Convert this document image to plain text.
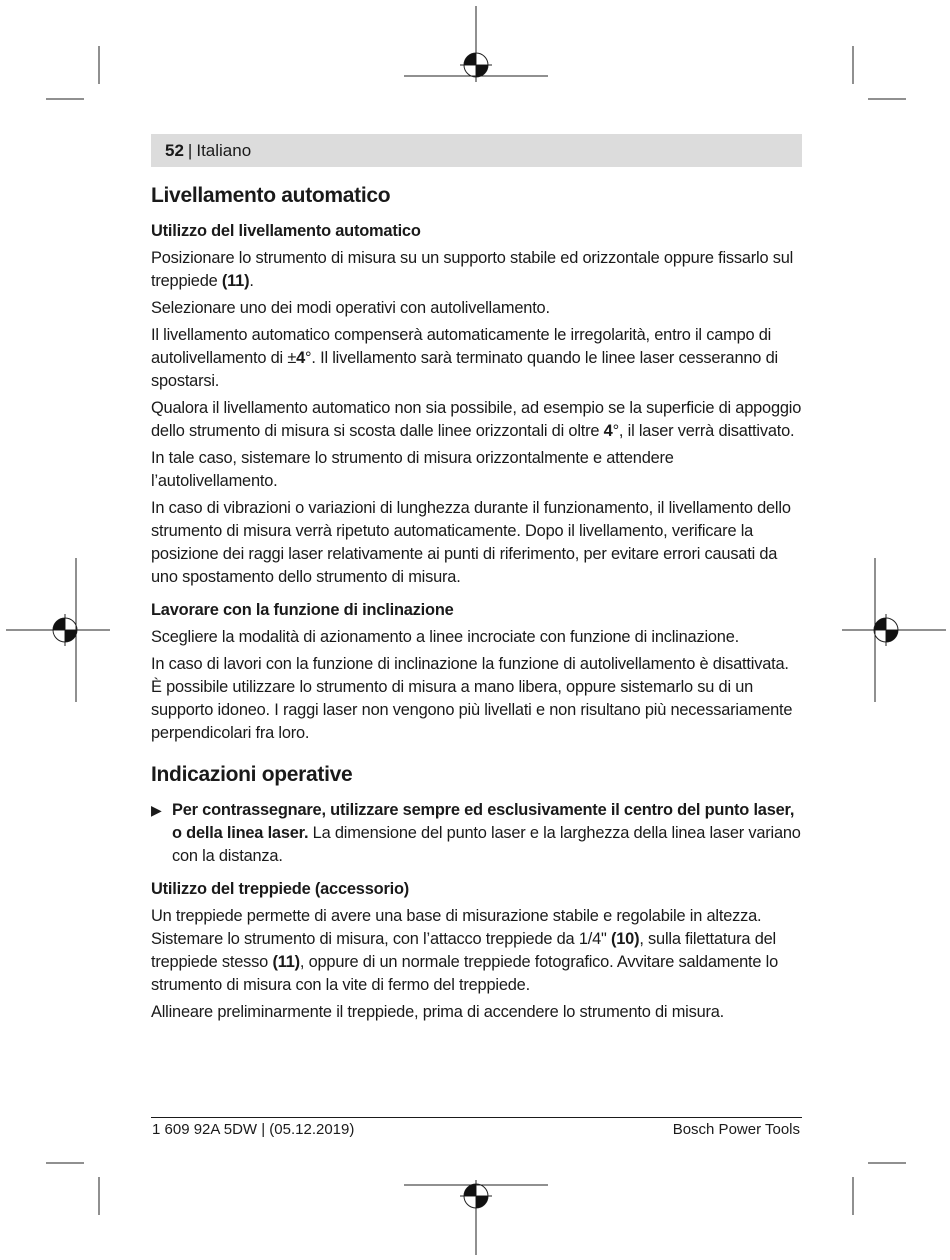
52 | Italiano
Livellamento automatico
Utilizzo del livellamento automatico

Posizionare lo strumento di misura su un supporto stabile ed orizzontale oppure fissarlo sul treppiede (11).

Selezionare uno dei modi operativi con autolivellamento.

Il livellamento automatico compenserà automaticamente le irregolarità, entro il campo di autolivellamento di ±4°. Il livellamento sarà terminato quando le linee laser cesseranno di spostarsi.

Qualora il livellamento automatico non sia possibile, ad esempio se la superficie di appoggio dello strumento di misura si scosta dalle linee orizzontali di oltre 4°, il laser verrà disattivato.

In tale caso, sistemare lo strumento di misura orizzontalmente e attendere l’autolivellamento.

In caso di vibrazioni o variazioni di lunghezza durante il funzionamento, il livellamento dello strumento di misura verrà ripetuto automaticamente. Dopo il livellamento, verificare la posizione dei raggi laser relativamente ai punti di riferimento, per evitare errori causati da uno spostamento dello strumento di misura.

Lavorare con la funzione di inclinazione

Scegliere la modalità di azionamento a linee incrociate con funzione di inclinazione.

In caso di lavori con la funzione di inclinazione la funzione di autolivellamento è disattivata. È possibile utilizzare lo strumento di misura a mano libera, oppure sistemarlo su di un supporto idoneo. I raggi laser non vengono più livellati e non risultano più necessariamente perpendicolari fra loro.

Indicazioni operative
▶ Per contrassegnare, utilizzare sempre ed esclusivamente il centro del punto laser, o della linea laser. La dimensione del punto laser e la larghezza della linea laser variano con la distanza.
Utilizzo del treppiede (accessorio)

Un treppiede permette di avere una base di misurazione stabile e regolabile in altezza. Sistemare lo strumento di misura, con l’attacco treppiede da 1/4" (10), sulla filettatura del treppiede stesso (11), oppure di un normale treppiede fotografico. Avvitare saldamente lo strumento di misura con la vite di fermo del treppiede.

Allineare preliminarmente il treppiede, prima di accendere lo strumento di misura.

1 609 92A 5DW | (05.12.2019)	Bosch Power Tools
